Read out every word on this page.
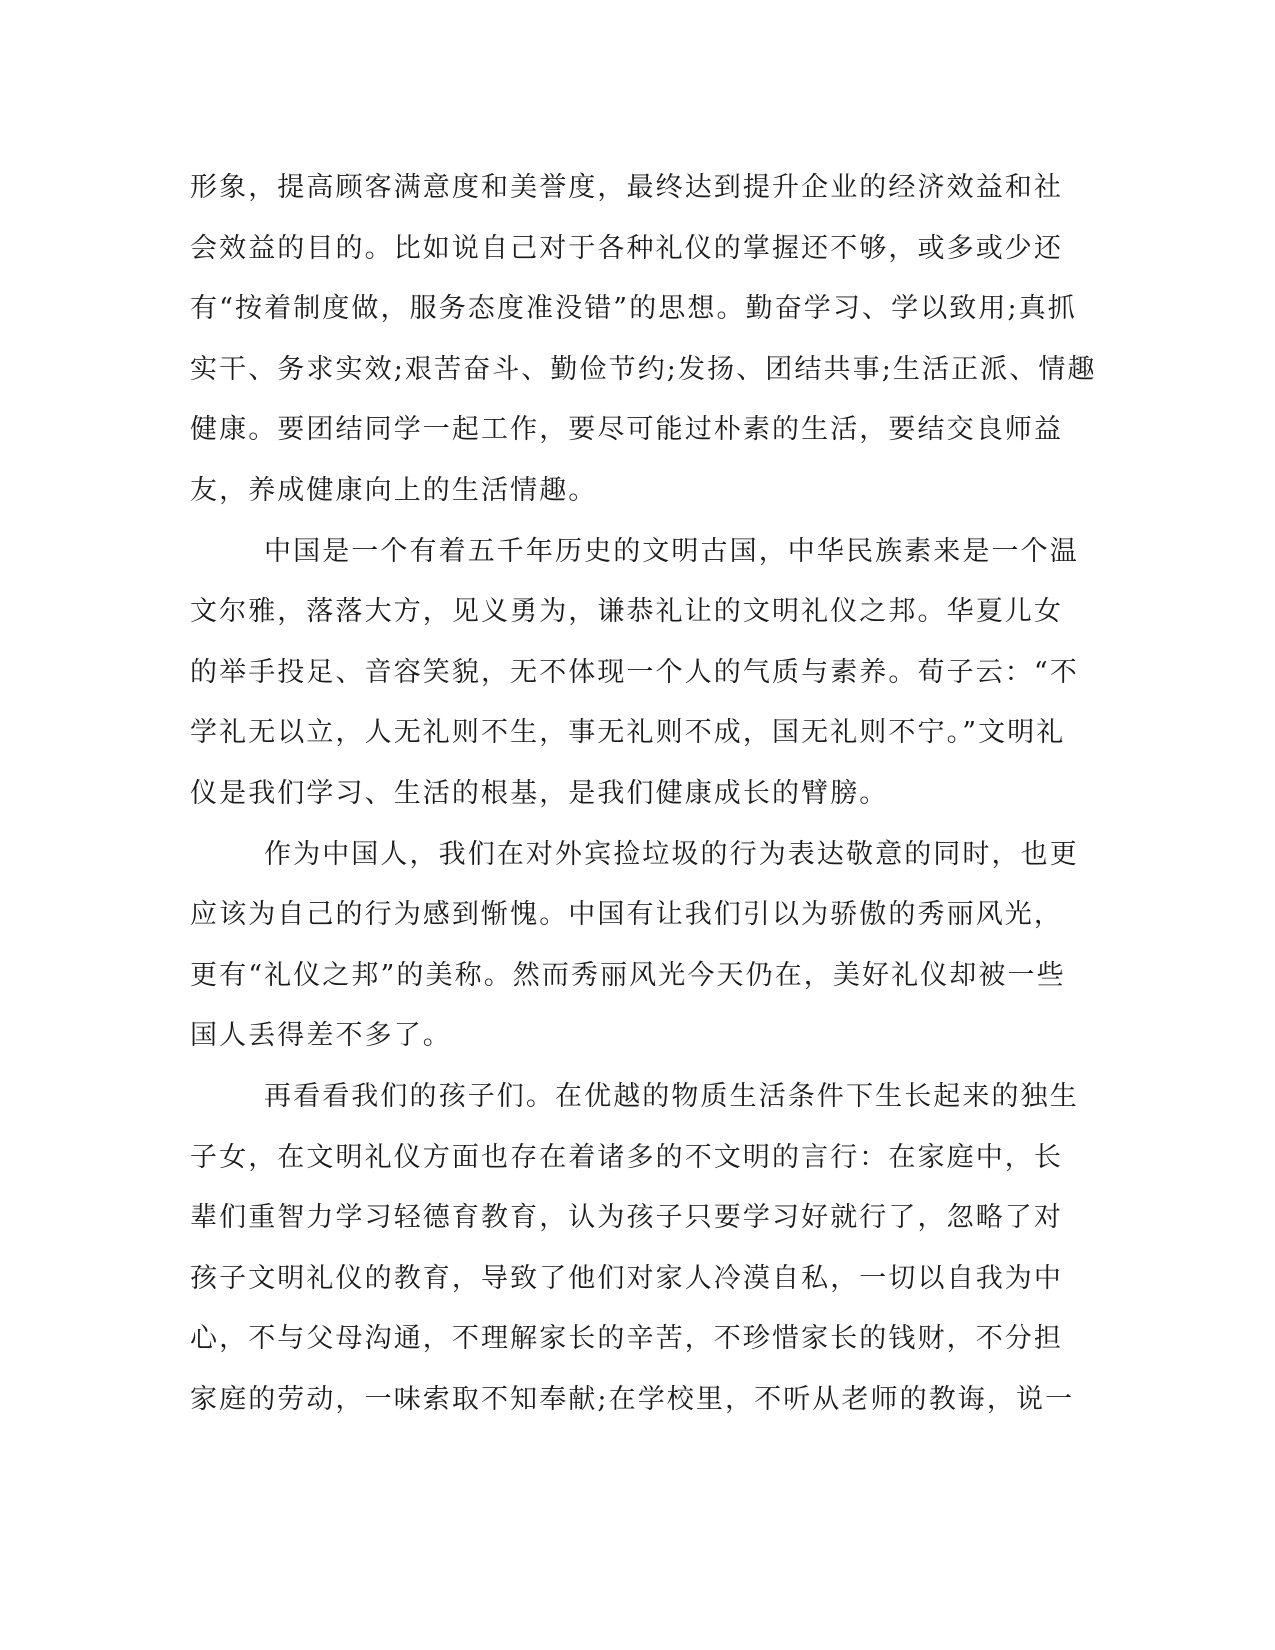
形象，提高顾客满意度和美誉度，最终达到提升企业的经济效益和社
会效益的目的。比如说自己对于各种礼仪的掌握还不够，或多或少还
有“按着制度做，服务态度准没错”的思想。勤奋学习、学以致用;真抓
实干、务求实效;艰苦奋斗、勤俭节约;发扬、团结共事;生活正派、情趣
健康。要团结同学一起工作，要尽可能过朴素的生活，要结交良师益
友，养成健康向上的生活情趣。
中国是一个有着五千年历史的文明古国，中华民族素来是一个温
文尔雅，落落大方，见义勇为，谦恭礼让的文明礼仪之邦。华夏儿女
的举手投足、音容笑貌，无不体现一个人的气质与素养。荀子云：“不
学礼无以立，人无礼则不生，事无礼则不成，国无礼则不宁。”文明礼
仪是我们学习、生活的根基，是我们健康成长的臂膀。
作为中国人，我们在对外宾捡垃圾的行为表达敬意的同时，也更
应该为自己的行为感到惭愧。中国有让我们引以为骄傲的秀丽风光，
更有“礼仪之邦”的美称。然而秀丽风光今天仍在，美好礼仪却被一些
国人丢得差不多了。
再看看我们的孩子们。在优越的物质生活条件下生长起来的独生
子女，在文明礼仪方面也存在着诸多的不文明的言行：在家庭中，长
辈们重智力学习轻德育教育，认为孩子只要学习好就行了，忽略了对
孩子文明礼仪的教育，导致了他们对家人冷漠自私，一切以自我为中
心，不与父母沟通，不理解家长的辛苦，不珍惜家长的钱财，不分担
家庭的劳动，一味索取不知奉献;在学校里，不听从老师的教诲，说一
